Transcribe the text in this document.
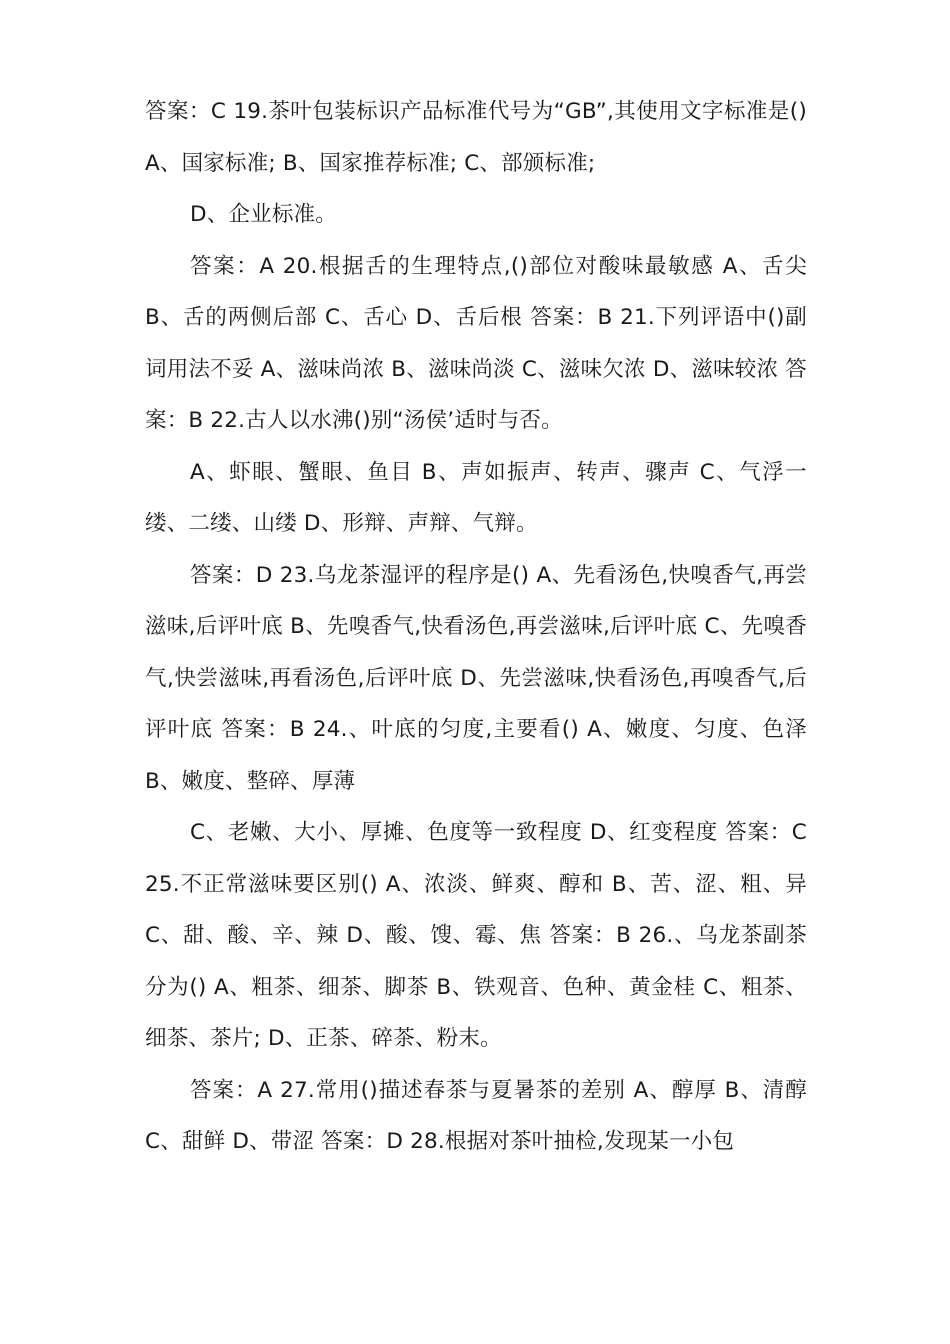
答案：C 19.茶叶包装标识产品标准代号为“GB”,其使用文字标准是() A、国家标准; B、国家推荐标准; C、部颁标准;

D、企业标准。

答案：A 20.根据舌的生理特点,()部位对酸味最敏感 A、舌尖 B、舌的两侧后部 C、舌心 D、舌后根 答案：B 21.下列评语中()副词用法不妥 A、滋味尚浓 B、滋味尚淡 C、滋味欠浓 D、滋味较浓 答案：B 22.古人以水沸()别“汤侯’适时与否。

A、虾眼、蟹眼、鱼目 B、声如振声、转声、骤声 C、气浮一缕、二缕、山缕 D、形辩、声辩、气辩。

答案：D 23.乌龙茶湿评的程序是() A、先看汤色,快嗅香气,再尝滋味,后评叶底 B、先嗅香气,快看汤色,再尝滋味,后评叶底 C、先嗅香气,快尝滋味,再看汤色,后评叶底 D、先尝滋味,快看汤色,再嗅香气,后评叶底 答案：B 24.、叶底的匀度,主要看() A、嫩度、匀度、色泽 B、嫩度、整碎、厚薄

C、老嫩、大小、厚摊、色度等一致程度 D、红变程度 答案：C 25.不正常滋味要区别() A、浓淡、鲜爽、醇和 B、苦、涩、粗、异 C、甜、酸、辛、辣 D、酸、馊、霉、焦 答案：B 26.、乌龙茶副茶分为() A、粗茶、细茶、脚茶 B、铁观音、色种、黄金桂 C、粗茶、细茶、茶片; D、正茶、碎茶、粉末。

答案：A 27.常用()描述春茶与夏暑茶的差别 A、醇厚 B、清醇 C、甜鲜 D、带涩 答案：D 28.根据对茶叶抽检,发现某一小包
